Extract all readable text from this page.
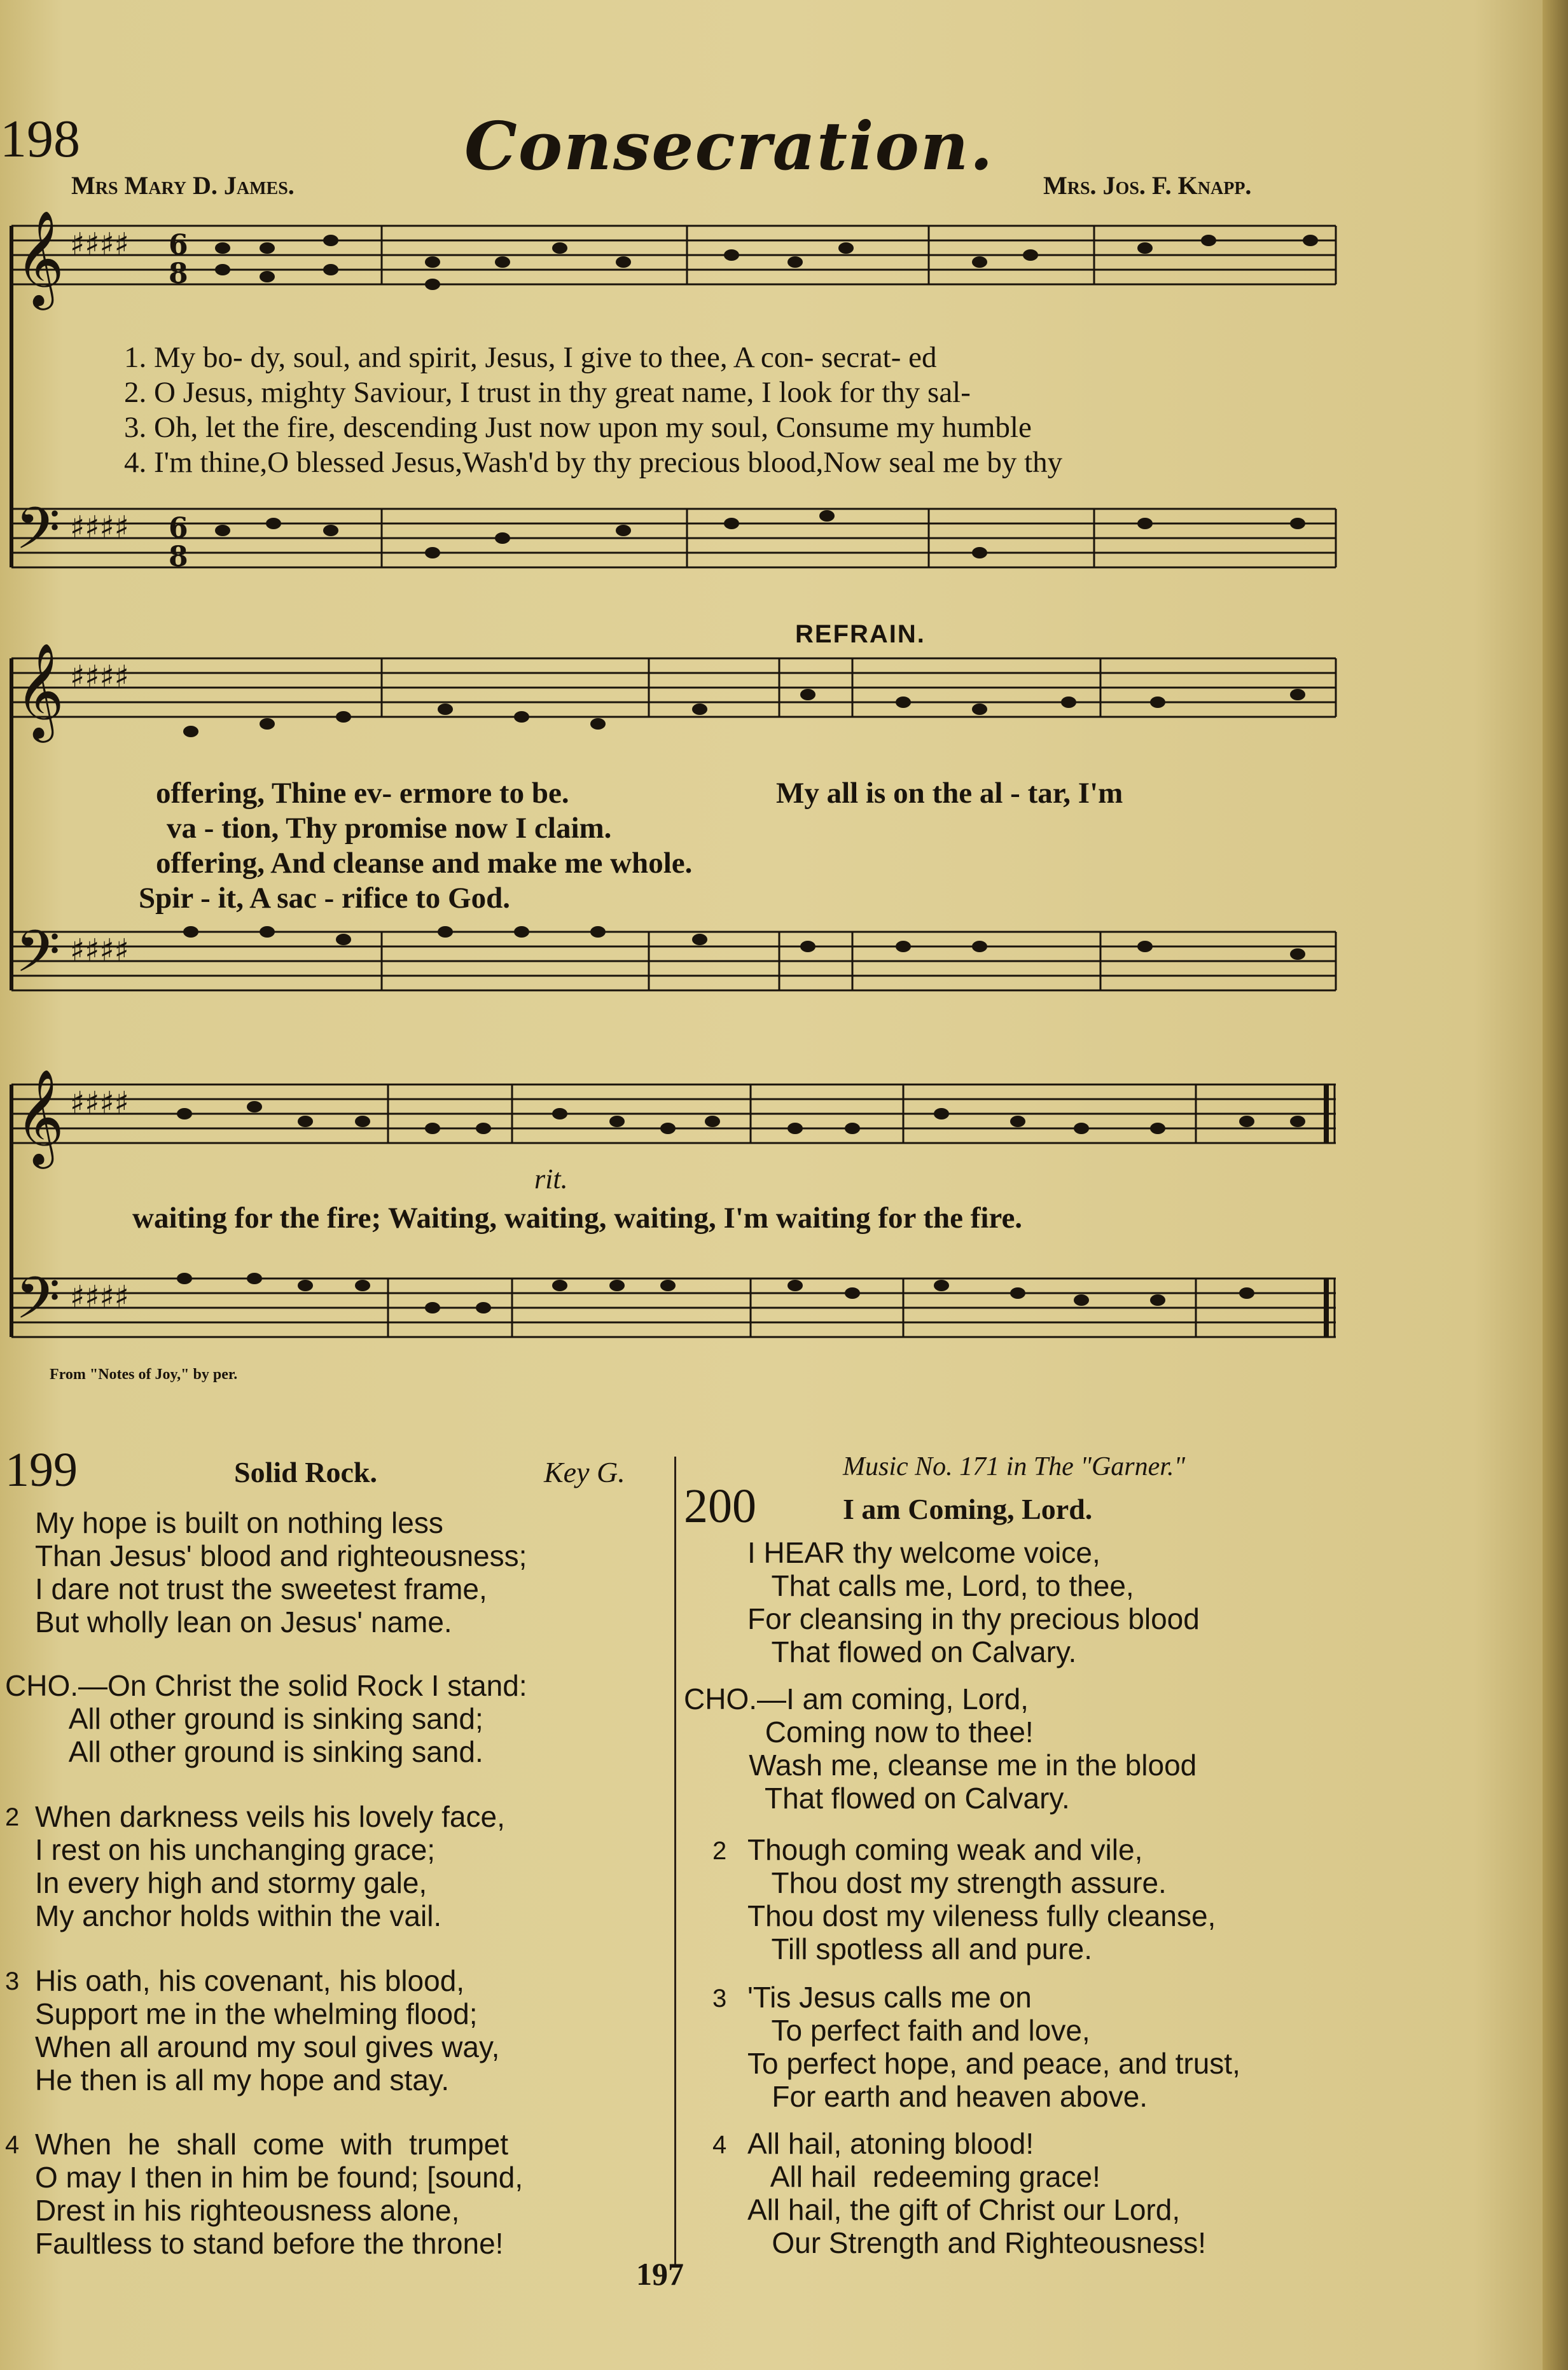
198	Consecration.
Mrs Mary D. James.	Mrs. Jos. F. Knapp.
𝄞
𝄢
𝄞
𝄢
𝄞
𝄢
♯♯♯♯
♯♯♯♯
♯♯♯♯
♯♯♯♯
♯♯♯♯
♯♯♯♯
6
8
6
8
1. My bo- dy, soul, and spirit, Jesus, I give to thee, A con- secrat- ed
2. O Jesus, mighty Saviour, I trust in thy great name, I look for thy sal-
3. Oh, let the fire, descending Just now upon my soul, Consume my humble
4. I'm thine,O blessed Jesus,Wash'd by thy precious blood,Now seal me by thy
REFRAIN.
offering, Thine ev- ermore to be.	My all is on the al - tar, I'm
va - tion, Thy promise now I claim.
offering, And cleanse and make me whole.
Spir - it, A sac - rifice to God.
rit.
waiting for the fire; Waiting, waiting, waiting, I'm waiting for the fire.
From "Notes of Joy," by per.
199	Solid Rock.	Key G.
My hope is built on nothing less
Than Jesus' blood and righteousness;
I dare not trust the sweetest frame,
But wholly lean on Jesus' name.
CHO.—On Christ the solid Rock I stand:
All other ground is sinking sand;
All other ground is sinking sand.
2 When darkness veils his lovely face,
I rest on his unchanging grace;
In every high and stormy gale,
My anchor holds within the vail.
3 His oath, his covenant, his blood,
Support me in the whelming flood;
When all around my soul gives way,
He then is all my hope and stay.
4 When  he  shall  come  with  trumpet
O may I then in him be found; [sound,
Drest in his righteousness alone,
Faultless to stand before the throne!
Music No. 171 in The "Garner."
200	I am Coming, Lord.
I HEAR thy welcome voice,
That calls me, Lord, to thee,
For cleansing in thy precious blood
That flowed on Calvary.
CHO.—I am coming, Lord,
Coming now to thee!
Wash me, cleanse me in the blood
That flowed on Calvary.
2 Though coming weak and vile,
Thou dost my strength assure.
Thou dost my vileness fully cleanse,
Till spotless all and pure.
3 'Tis Jesus calls me on
To perfect faith and love,
To perfect hope, and peace, and trust,
For earth and heaven above.
4 All hail, atoning blood!
All hail  redeeming grace!
All hail, the gift of Christ our Lord,
Our Strength and Righteousness!
197
